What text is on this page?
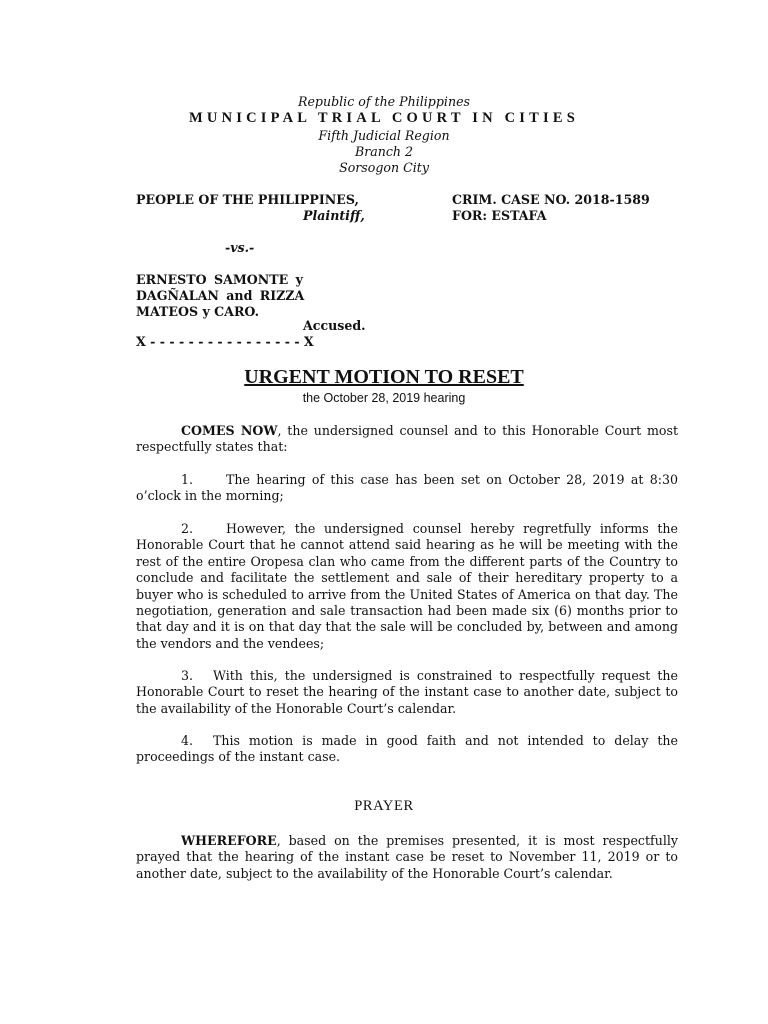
Republic of the Philippines
MUNICIPAL TRIAL COURT IN CITIES
Fifth Judicial Region
Branch 2
Sorsogon City
PEOPLE OF THE PHILIPPINES,
Plaintiff,
CRIM. CASE NO. 2018-1589
FOR: ESTAFA
-vs.-
ERNESTO SAMONTE y
DAGÑALAN and RIZZA
MATEOS y CARO.
Accused.
X - - - - - - - - - - - - - - - - X
URGENT MOTION TO RESET
the October 28, 2019 hearing
COMES NOW, the undersigned counsel and to this Honorable Court most respectfully states that:
1.	The hearing of this case has been set on October 28, 2019 at 8:30 o’clock in the morning;
2.	However, the undersigned counsel hereby regretfully informs the Honorable Court that he cannot attend said hearing as he will be meeting with the rest of the entire Oropesa clan who came from the different parts of the Country to conclude and facilitate the settlement and sale of their hereditary property to a buyer who is scheduled to arrive from the United States of America on that day. The negotiation, generation and sale transaction had been made six (6) months prior to that day and it is on that day that the sale will be concluded by, between and among the vendors and the vendees;
3. With this, the undersigned is constrained to respectfully request the Honorable Court to reset the hearing of the instant case to another date, subject to the availability of the Honorable Court’s calendar.
4. This motion is made in good faith and not intended to delay the proceedings of the instant case.
PRAYER
WHEREFORE, based on the premises presented, it is most respectfully prayed that the hearing of the instant case be reset to November 11, 2019 or to another date, subject to the availability of the Honorable Court’s calendar.
